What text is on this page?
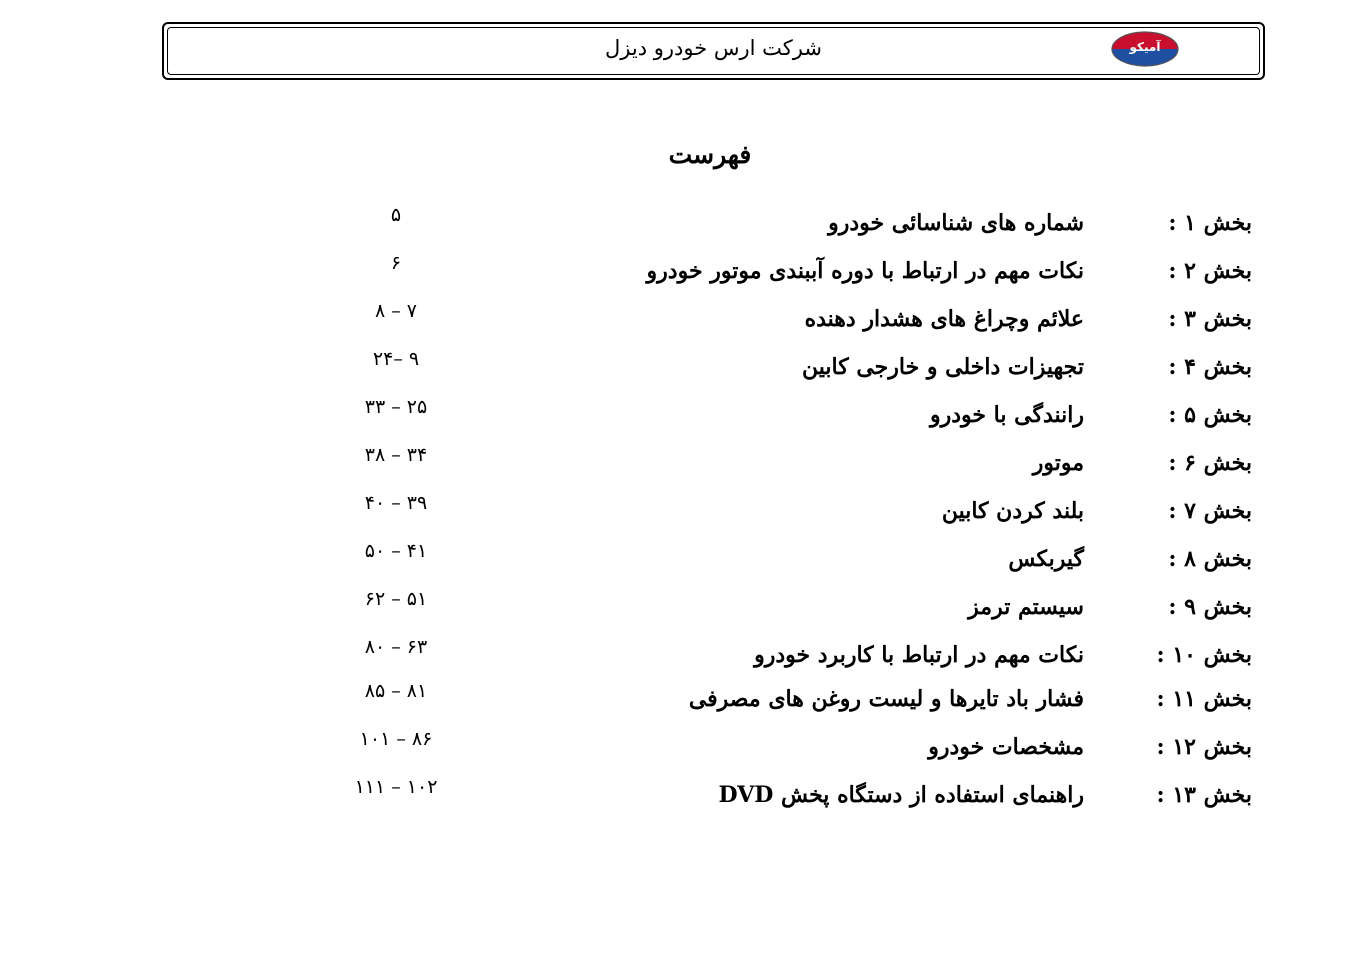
شرکت ارس خودرو دیزل	آمیکو
فهرست
بخش ۱ :
شماره های شناسائی خودرو
۵
بخش ۲ :
نکات مهم در ارتباط با دوره آببندی موتور خودرو
۶
بخش ۳ :
علائم وچراغ های هشدار دهنده
۷ – ۸
بخش ۴ :
تجهیزات داخلی و خارجی کابین
۹ –۲۴
بخش ۵ :
رانندگی با خودرو
۲۵ – ۳۳
بخش ۶ :
موتور
۳۴ – ۳۸
بخش ۷ :
بلند کردن کابین
۳۹ – ۴۰
بخش ۸ :
گیربکس
۴۱ – ۵۰
بخش ۹ :
سیستم ترمز
۵۱ – ۶۲
بخش ۱۰ :
نکات مهم در ارتباط با کاربرد خودرو
۶۳ – ۸۰
بخش ۱۱ :
فشار باد تایرها و لیست روغن های مصرفی
۸۱ – ۸۵
بخش ۱۲ :
مشخصات خودرو
۸۶ – ۱۰۱
بخش ۱۳ :
راهنمای استفاده از دستگاه پخش DVD
۱۰۲ – ۱۱۱
